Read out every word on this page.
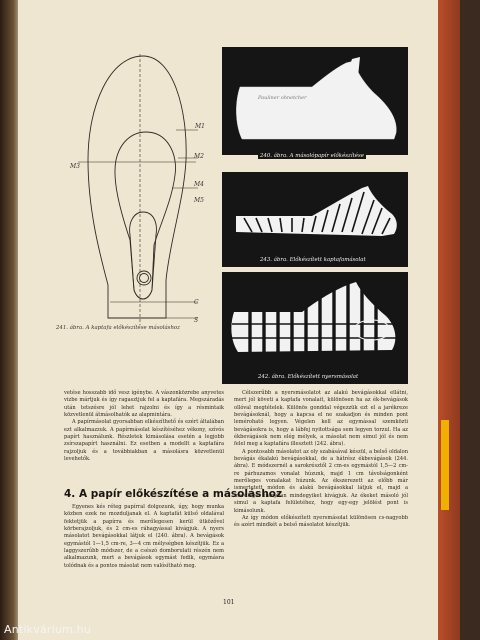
M1
M2
M3
M4
M5
C
S
241. ábra. A kaptafa előkészítése másoláshoz
Pauliner ohnetcher
240. ábra. A másolópapír előkészítése
243. ábra. Előkészített kaptafamásolat
242. ábra. Előkészített nyersmásolat

vetése hosszabb idő vesz igénybe. A vászonközrebe anyvetes vizbe mártjuk és így ragasztjuk fel a kaptafára. Megszáradás után tetszésre jól lehet rajzolni és így a résmintaik közvetlenül átmásolhatók az alapmintára.

A papírmásolat gyorsabban elkészíthető és ezért általában ezt alkalmazzuk. A papírmásolat készítéséhez vékony, szívós papírt használunk. Részletek kimásolása esetén a legjobb zsírszapapírt használni. Ez esetben a modellt a kaptafára rajzoljuk és a továbbiakban a másolásra közvetlenül levehetők.

4. A papír előkészítése a másoláshoz

Egyenes kés réteg papírral dolgozunk, úgy, hogy munka közben ezek ne mozduljanak el. A kaptafát külső oldalával fektetjük a papírra és merőlegesen kerül ütközővel körberajzoljuk, és 2 cm-es ráhagyással kivágjuk. A nyers másolatot bevágásokkal látjuk el (240. ábra). A bevágások egymástól 1—1,5 cm-re, 3—4 cm mélységben készítjük. Ez a laggyszerűbb módszer, de a csészó domborulati részén nem alkalmazunk, mert a bevágások egymást fedik, egymásra tolódnak és a pontos másolat nem valósítható meg.

Célszerűbb a nyersmásolatot az alakú bevágásokkal ellátni, mert jól követi a kaptafa vonalait, különösen ha az ék-bevágások ollóval megtételek. Különös gonddal végezzük ezt el a jarékreze bevágásoknál, hogy a kapcsa el ne szakadjon és minden pont leméroható legyen. Végelen kell az egymással szemközti bevágásokra is, hogy a lábfej nyitottsága sem legyen torzul. Ha az ékbevágások nem elég mélyek, a másolat nem simul jól és nem felel meg a kaptafára illesztett (242. ábra).

A pontosabb másolatot az oly szabásával készül, a belső oldalon bevágás ékalakú bevágásokkal, de a hátrész ékbevágások (244. ábra). E módszernél a sarokrésztől 2 cm-es egymástól 1,5—2 cm-re párhuzamos vonalat húzunk, majd 1 cm távolságonként merőleges vonalakat húzunk. Az ékszerezett az előbb már ismertetett módon és alakú bevágásokkal látjuk el, majd a merőleges irányban mindegyiket kivágjuk. Az ékeket másoló jól simul a kaptafa felületéhez, hogy egy-egy jelölést pont is kimásolunk.

Az így módon előkészített nyersmásolat különösen cs-nagyobb és azért mindkét a belső másolatot készítjük.

101
Antikvárium.hu
